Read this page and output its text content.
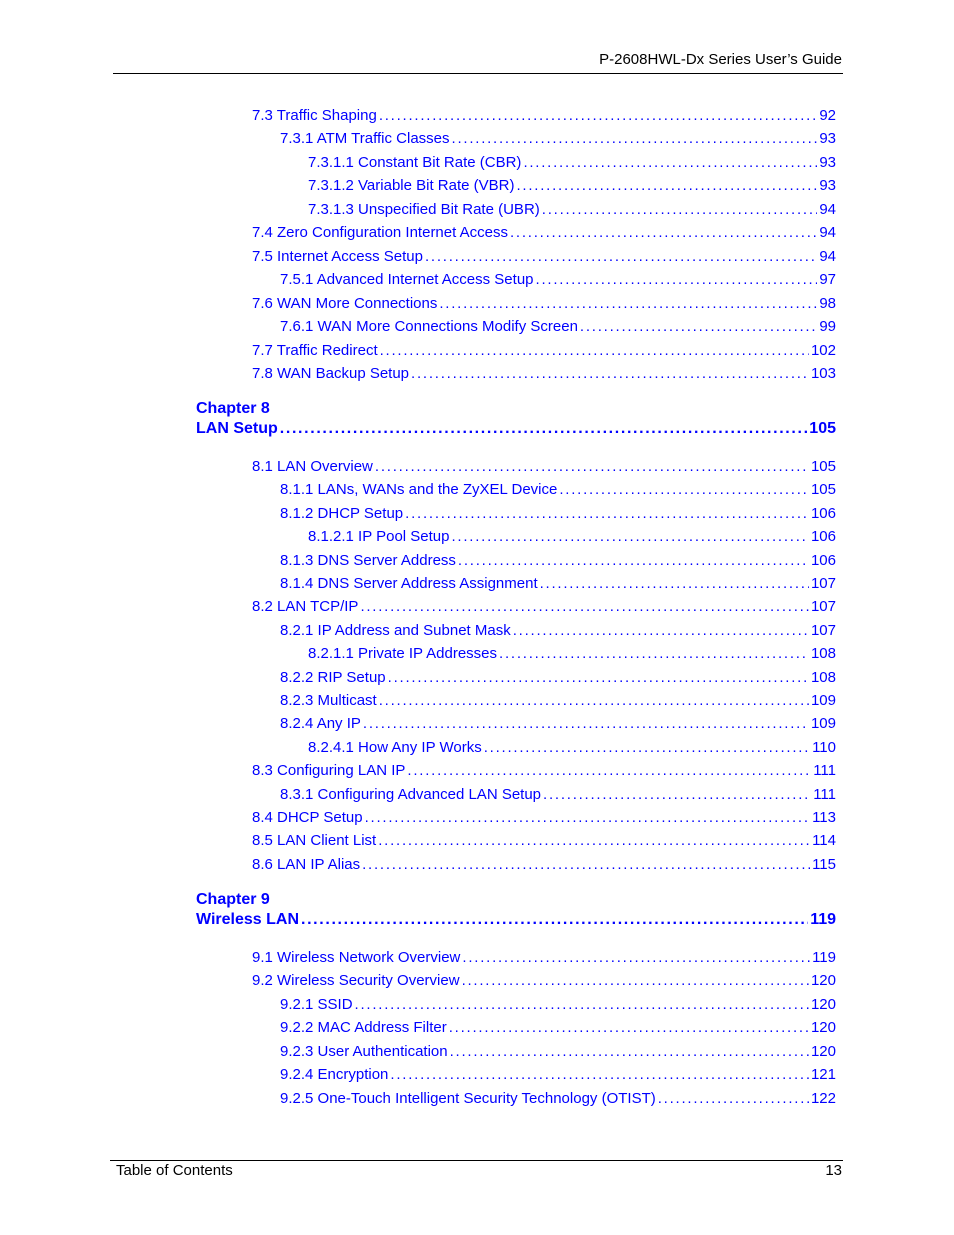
P-2608HWL-Dx Series User’s Guide
7.3 Traffic Shaping . . .	92
7.3.1 ATM Traffic Classes . . .	93
7.3.1.1 Constant Bit Rate (CBR) . . .	93
7.3.1.2 Variable Bit Rate (VBR) . . .	93
7.3.1.3 Unspecified Bit Rate (UBR) . . .	94
7.4 Zero Configuration Internet Access . . .	94
7.5 Internet Access Setup . . .	94
7.5.1 Advanced Internet Access Setup . . .	97
7.6 WAN More Connections . . .	98
7.6.1 WAN More Connections Modify Screen . . .	99
7.7 Traffic Redirect . . .	102
7.8 WAN Backup Setup . . .	103
Chapter 8
LAN Setup . . .	105
8.1 LAN Overview . . .	105
8.1.1 LANs, WANs and the ZyXEL Device . . .	105
8.1.2 DHCP Setup . . .	106
8.1.2.1 IP Pool Setup . . .	106
8.1.3 DNS Server Address . . .	106
8.1.4 DNS Server Address Assignment . . .	107
8.2 LAN TCP/IP . . .	107
8.2.1 IP Address and Subnet Mask . . .	107
8.2.1.1 Private IP Addresses . . .	108
8.2.2 RIP Setup . . .	108
8.2.3 Multicast . . .	109
8.2.4 Any IP . . .	109
8.2.4.1 How Any IP Works . . .	110
8.3 Configuring LAN IP . . .	111
8.3.1 Configuring Advanced LAN Setup . . .	111
8.4 DHCP Setup . . .	113
8.5 LAN Client List . . .	114
8.6 LAN IP Alias . . .	115
Chapter 9
Wireless LAN . . .	119
9.1 Wireless Network Overview . . .	119
9.2 Wireless Security Overview . . .	120
9.2.1 SSID . . .	120
9.2.2 MAC Address Filter . . .	120
9.2.3 User Authentication . . .	120
9.2.4 Encryption . . .	121
9.2.5 One-Touch Intelligent Security Technology (OTIST) . . .	122
Table of Contents	13
